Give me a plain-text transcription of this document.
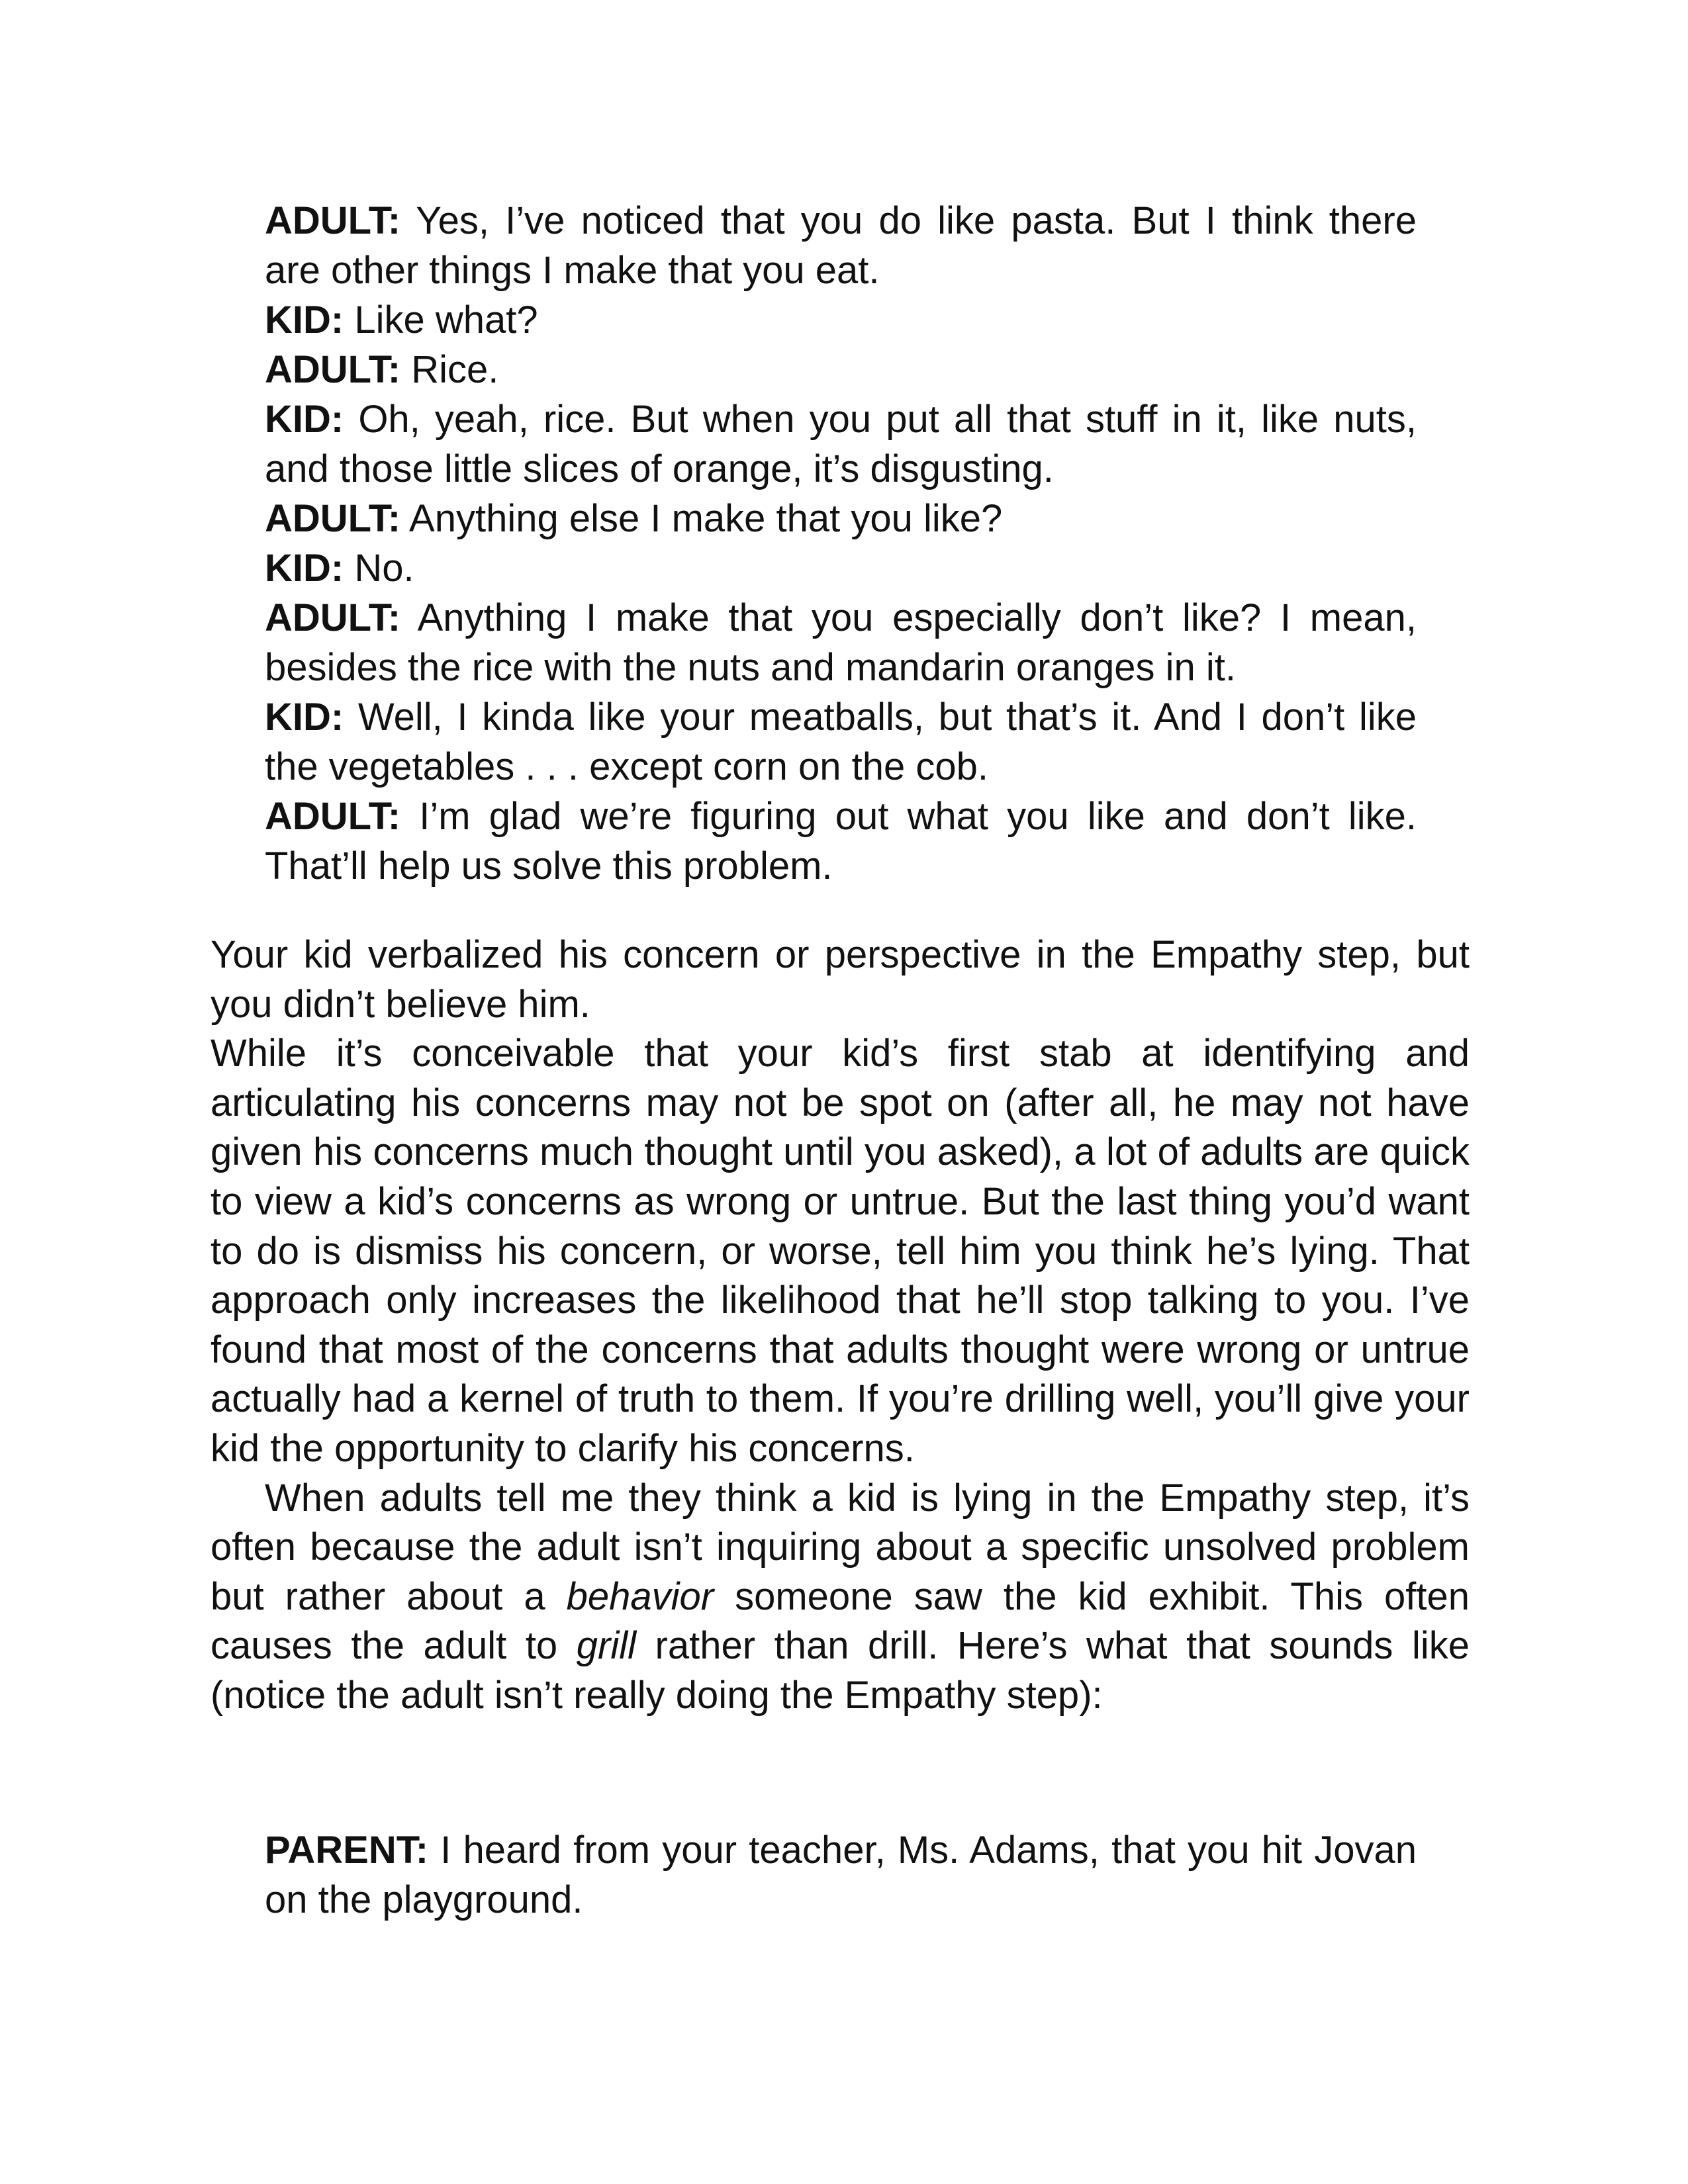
ADULT: Yes, I’ve noticed that you do like pasta. But I think there are other things I make that you eat.

KID: Like what?

ADULT: Rice.

KID: Oh, yeah, rice. But when you put all that stuff in it, like nuts, and those little slices of orange, it’s disgusting.

ADULT: Anything else I make that you like?

KID: No.

ADULT: Anything I make that you especially don’t like? I mean, besides the rice with the nuts and mandarin oranges in it.

KID: Well, I kinda like your meatballs, but that’s it. And I don’t like the vegetables . . . except corn on the cob.

ADULT: I’m glad we’re figuring out what you like and don’t like. That’ll help us solve this problem.

Your kid verbalized his concern or perspective in the Empathy step, but you didn’t believe him.

While it’s conceivable that your kid’s first stab at identifying and articulating his concerns may not be spot on (after all, he may not have given his concerns much thought until you asked), a lot of adults are quick to view a kid’s concerns as wrong or untrue. But the last thing you’d want to do is dismiss his concern, or worse, tell him you think he’s lying. That approach only increases the likelihood that he’ll stop talking to you. I’ve found that most of the concerns that adults thought were wrong or untrue actually had a kernel of truth to them. If you’re drilling well, you’ll give your kid the opportunity to clarify his concerns.

When adults tell me they think a kid is lying in the Empathy step, it’s often because the adult isn’t inquiring about a specific unsolved problem but rather about a behavior someone saw the kid exhibit. This often causes the adult to grill rather than drill. Here’s what that sounds like (notice the adult isn’t really doing the Empathy step):

PARENT: I heard from your teacher, Ms. Adams, that you hit Jovan on the playground.
